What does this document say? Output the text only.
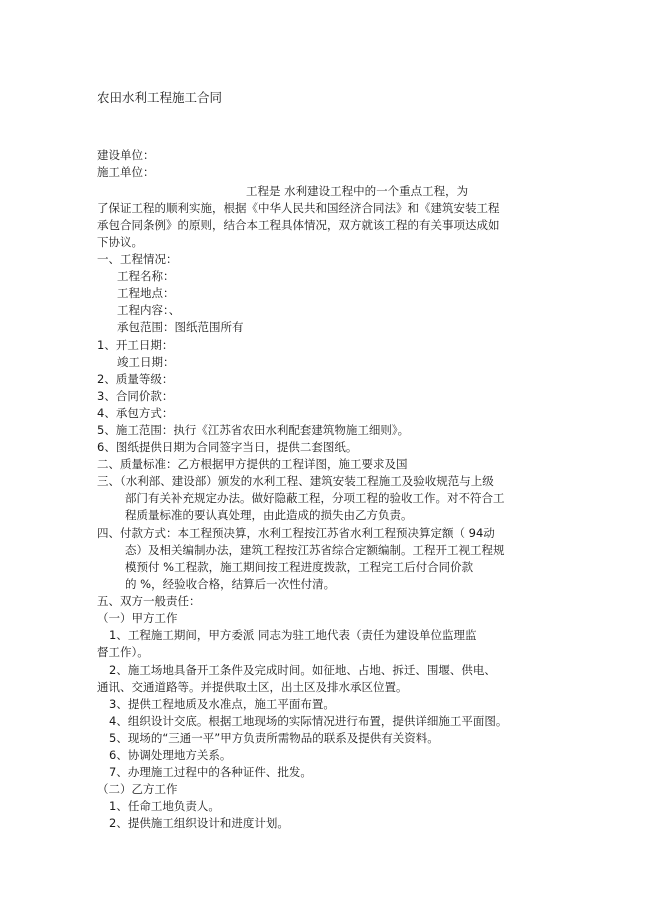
农田水利工程施工合同
建设单位：
施工单位：
工程是 水利建设工程中的一个重点工程，为
了保证工程的顺利实施，根据《中华人民共和国经济合同法》和《建筑安装工程
承包合同条例》的原则，结合本工程具体情况，双方就该工程的有关事项达成如
下协议。
一、工程情况：
工程名称：
工程地点：
工程内容：、
承包范围：图纸范围所有
1、开工日期：
竣工日期：
2、质量等级：
3、合同价款：
4、承包方式：
5、施工范围：执行《江苏省农田水利配套建筑物施工细则》。
6、图纸提供日期为合同签字当日，提供二套图纸。
二、质量标准：乙方根据甲方提供的工程详图，施工要求及国
三、（水利部、建设部）颁发的水利工程、建筑安装工程施工及验收规范与上级
部门有关补充规定办法。做好隐蔽工程，分项工程的验收工作。对不符合工
程质量标准的要认真处理，由此造成的损失由乙方负责。
四、付款方式：本工程预决算，水利工程按江苏省水利工程预决算定额（ 94动
态）及相关编制办法，建筑工程按江苏省综合定额编制。工程开工视工程规
模预付 %工程款，施工期间按工程进度拨款，工程完工后付合同价款
的 %，经验收合格，结算后一次性付清。
五、双方一般责任：
（一）甲方工作
1、工程施工期间，甲方委派 同志为驻工地代表（责任为建设单位监理监
督工作）。
2、施工场地具备开工条件及完成时间。如征地、占地、拆迁、围堰、供电、
通讯、交通道路等。并提供取土区，出土区及排水承区位置。
3、提供工程地质及水准点，施工平面布置。
4、组织设计交底。根据工地现场的实际情况进行布置，提供详细施工平面图。
5、现场的“三通一平”甲方负责所需物品的联系及提供有关资料。
6、协调处理地方关系。
7、办理施工过程中的各种证件、批发。
（二）乙方工作
1、任命工地负责人。
2、提供施工组织设计和进度计划。
